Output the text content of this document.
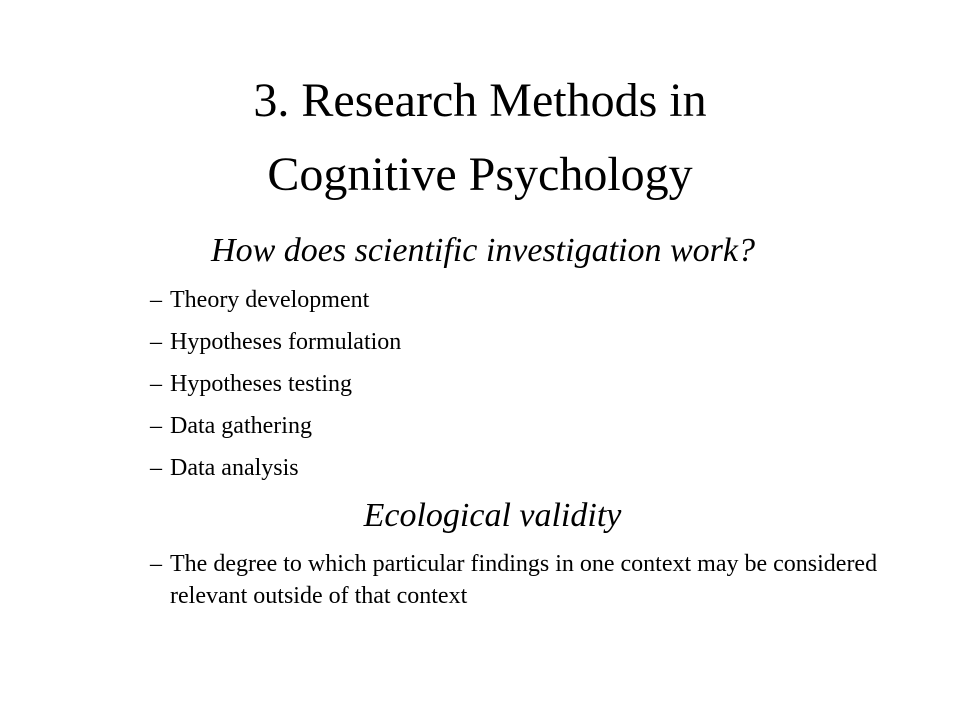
3. Research Methods in
Cognitive Psychology
How does scientific investigation work?
– Theory development
– Hypotheses formulation
– Hypotheses testing
– Data gathering
– Data analysis
Ecological validity
– The degree to which particular findings in one context may be considered relevant outside of that context
